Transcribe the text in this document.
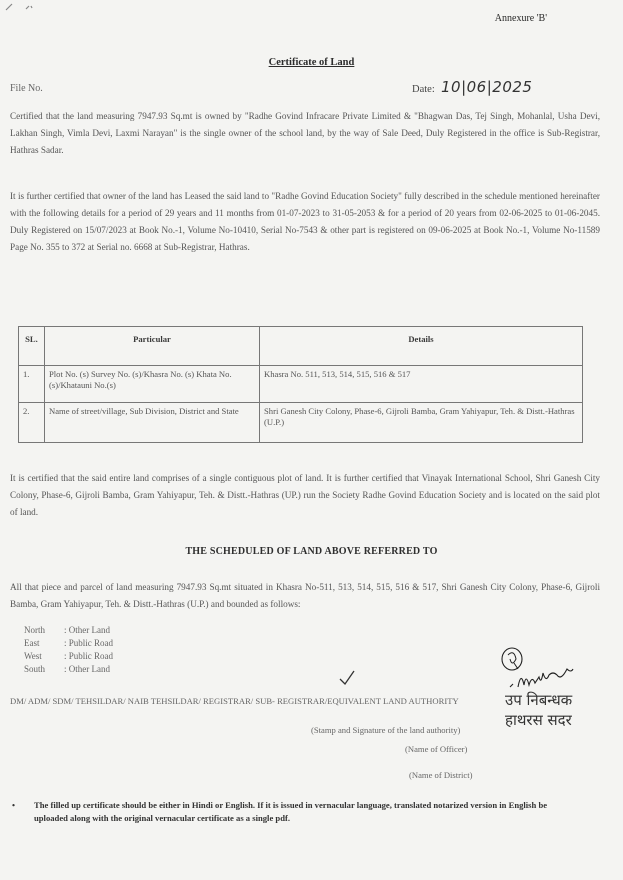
Annexure 'B'
Certificate of Land
File No.	Date: 10|06|2025
Certified that the land measuring 7947.93 Sq.mt is owned by "Radhe Govind Infracare Private Limited & "Bhagwan Das, Tej Singh, Mohanlal, Usha Devi, Lakhan Singh, Vimla Devi, Laxmi Narayan" is the single owner of the school land, by the way of Sale Deed, Duly Registered in the office is Sub-Registrar, Hathras Sadar.
It is further certified that owner of the land has Leased the said land to "Radhe Govind Education Society" fully described in the schedule mentioned hereinafter with the following details for a period of 29 years and 11 months from 01-07-2023 to 31-05-2053 & for a period of 20 years from 02-06-2025 to 01-06-2045. Duly Registered on 15/07/2023 at Book No.-1, Volume No-10410, Serial No-7543 & other part is registered on 09-06-2025 at Book No.-1, Volume No-11589 Page No. 355 to 372 at Serial no. 6668 at Sub-Registrar, Hathras.
SL.	Particular	Details
1.	Plot No. (s) Survey No. (s)/Khasra No. (s) Khata No.(s)/Khatauni No.(s)	Khasra No. 511, 513, 514, 515, 516 & 517
2.	Name of street/village, Sub Division, District and State	Shri Ganesh City Colony, Phase-6, Gijroli Bamba, Gram Yahiyapur, Teh. & Distt.-Hathras (U.P.)
It is certified that the said entire land comprises of a single contiguous plot of land. It is further certified that Vinayak International School, Shri Ganesh City Colony, Phase-6, Gijroli Bamba, Gram Yahiyapur, Teh. & Distt.-Hathras (UP.) run the Society Radhe Govind Education Society and is located on the said plot of land.
THE SCHEDULED OF LAND ABOVE REFERRED TO
All that piece and parcel of land measuring 7947.93 Sq.mt situated in Khasra No-511, 513, 514, 515, 516 & 517, Shri Ganesh City Colony, Phase-6, Gijroli Bamba, Gram Yahiyapur, Teh. & Distt.-Hathras (U.P.) and bounded as follows:
North : Other Land
East	: Public Road
West : Public Road
South : Other Land
DM/ ADM/ SDM/ TEHSILDAR/ NAIB TEHSILDAR/ REGISTRAR/ SUB- REGISTRAR/EQUIVALENT LAND AUTHORITY
(Stamp and Signature of the land authority)
(Name of Officer)
(Name of District)
उप निबन्धक
हाथरस सदर
• The filled up certificate should be either in Hindi or English. If it is issued in vernacular language, translated notarized version in English be uploaded along with the original vernacular certificate as a single pdf.
